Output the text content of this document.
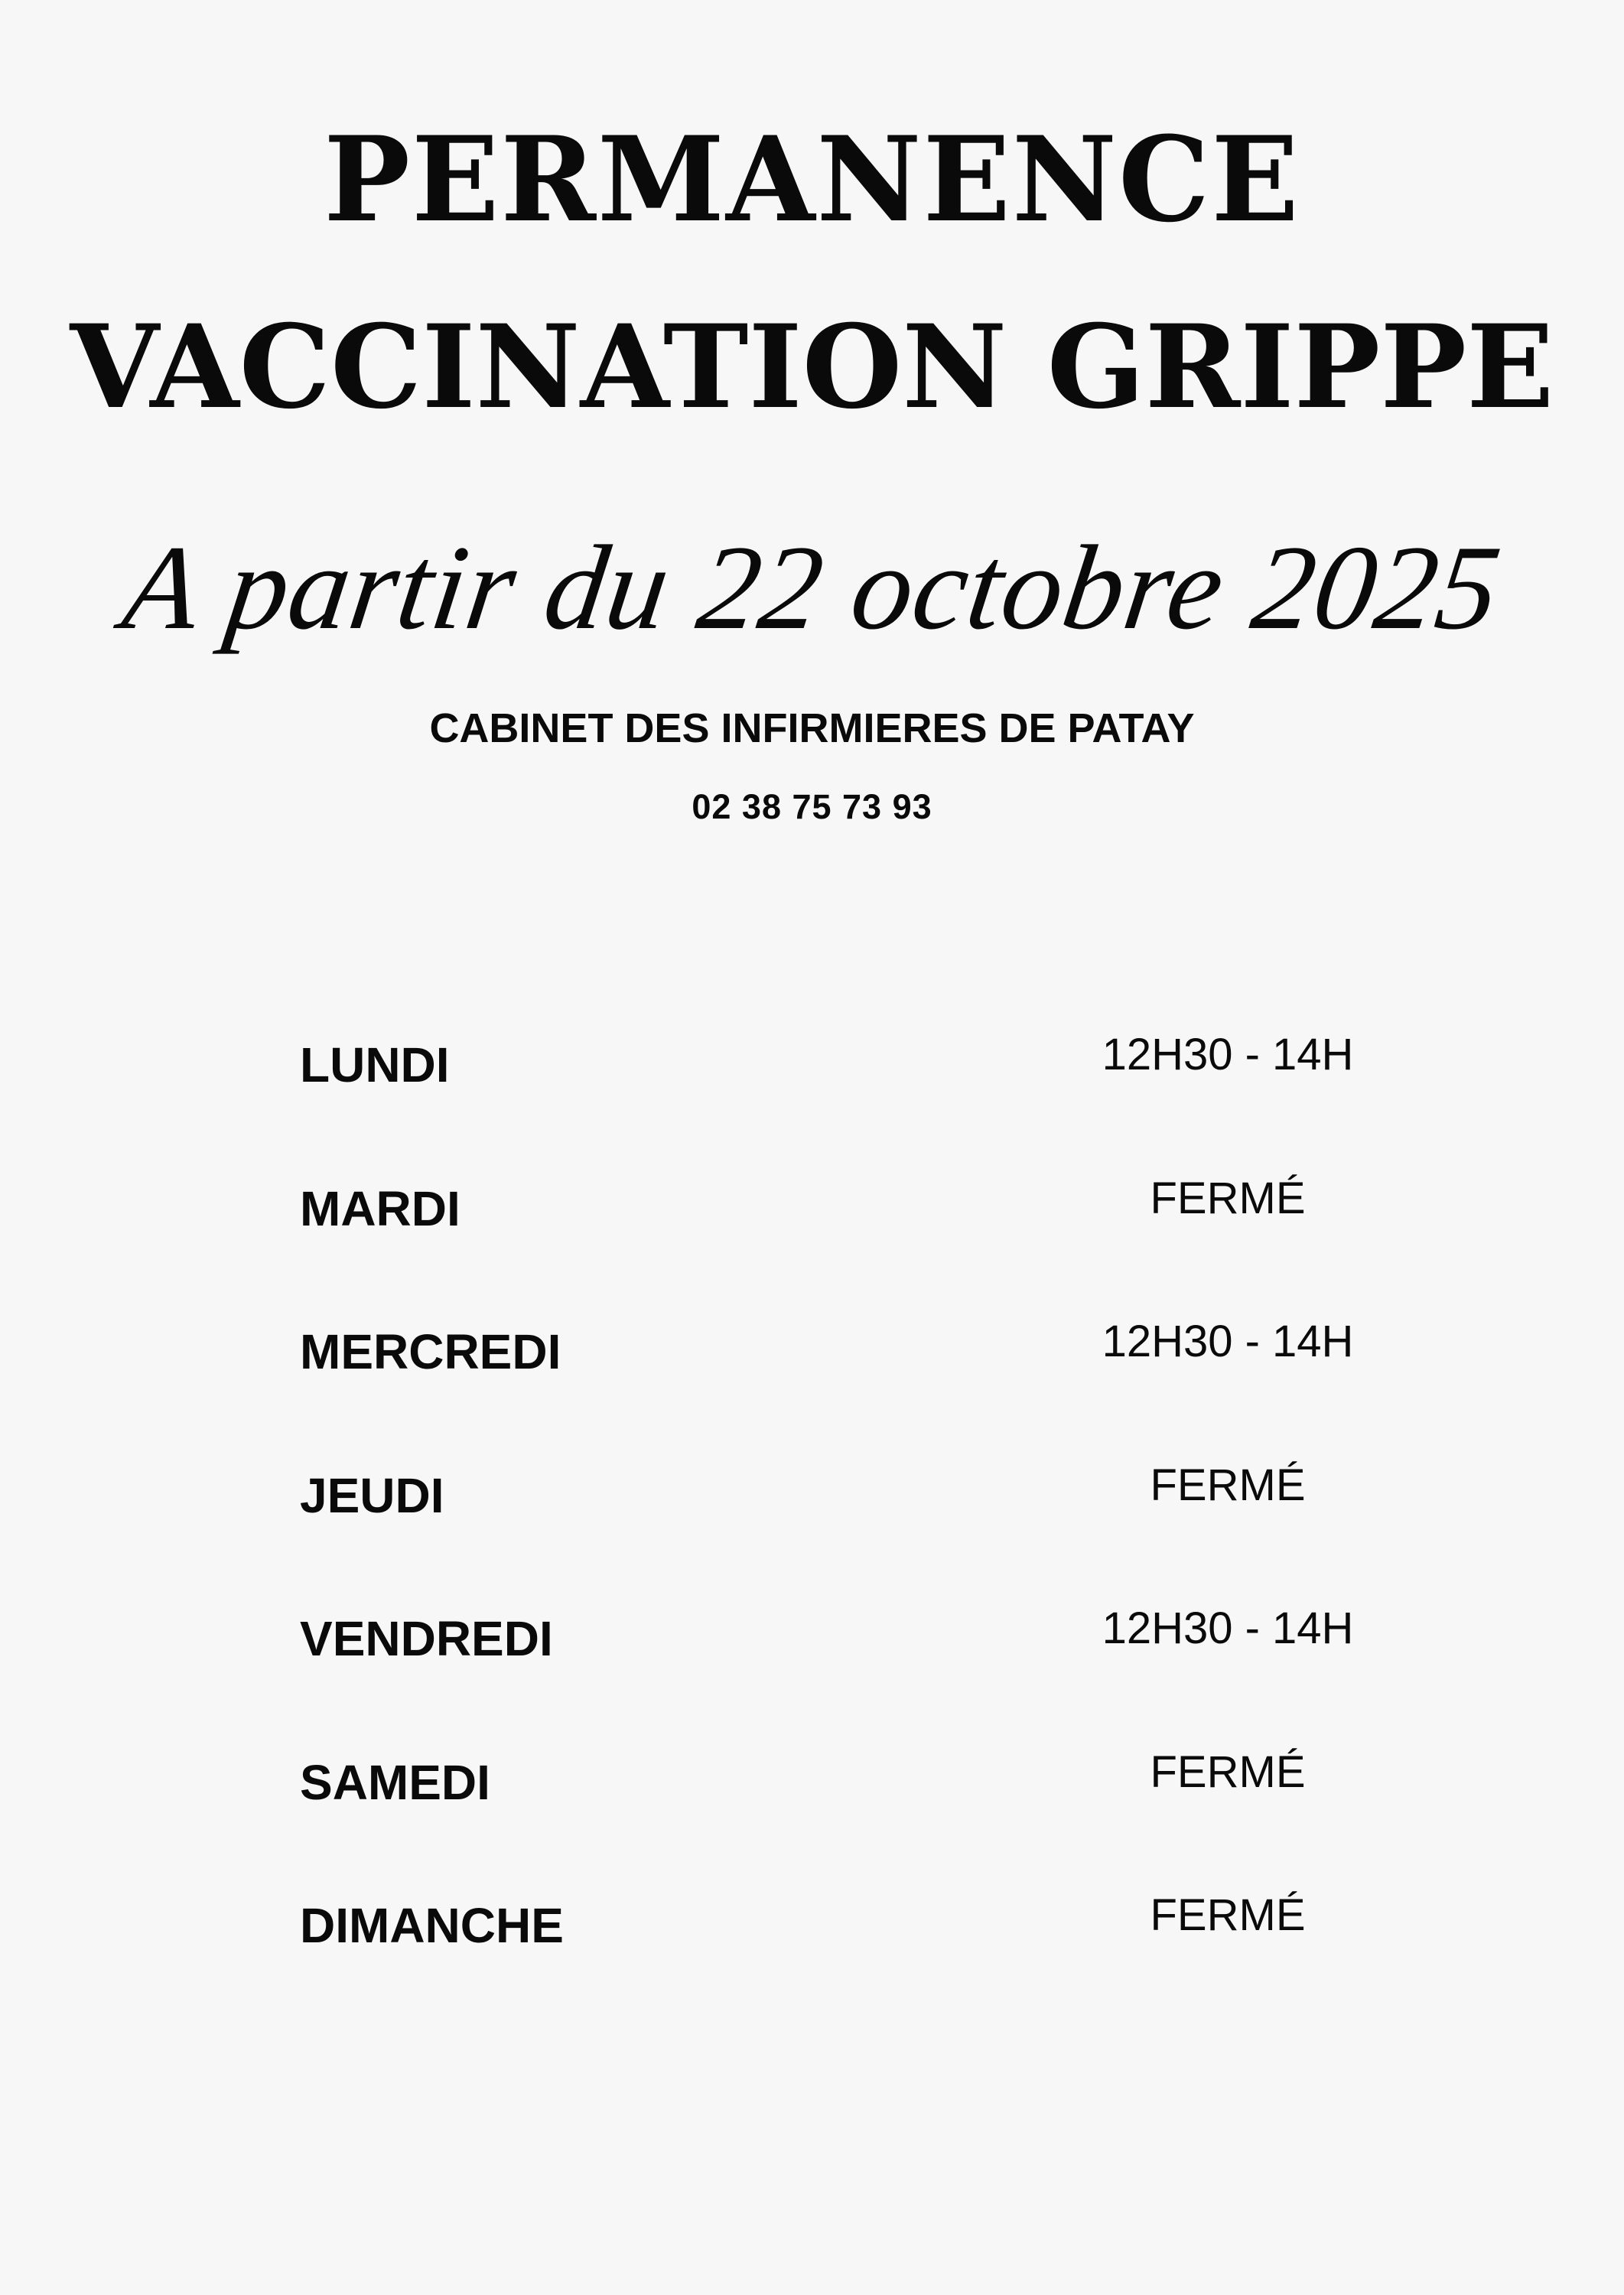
PERMANENCE
VACCINATION GRIPPE
A partir du 22 octobre 2025
CABINET DES INFIRMIERES DE PATAY
02 38 75 73 93
LUNDI	12H30 - 14H
MARDI	FERMÉ
MERCREDI	12H30 - 14H
JEUDI	FERMÉ
VENDREDI	12H30 - 14H
SAMEDI	FERMÉ
DIMANCHE	FERMÉ
